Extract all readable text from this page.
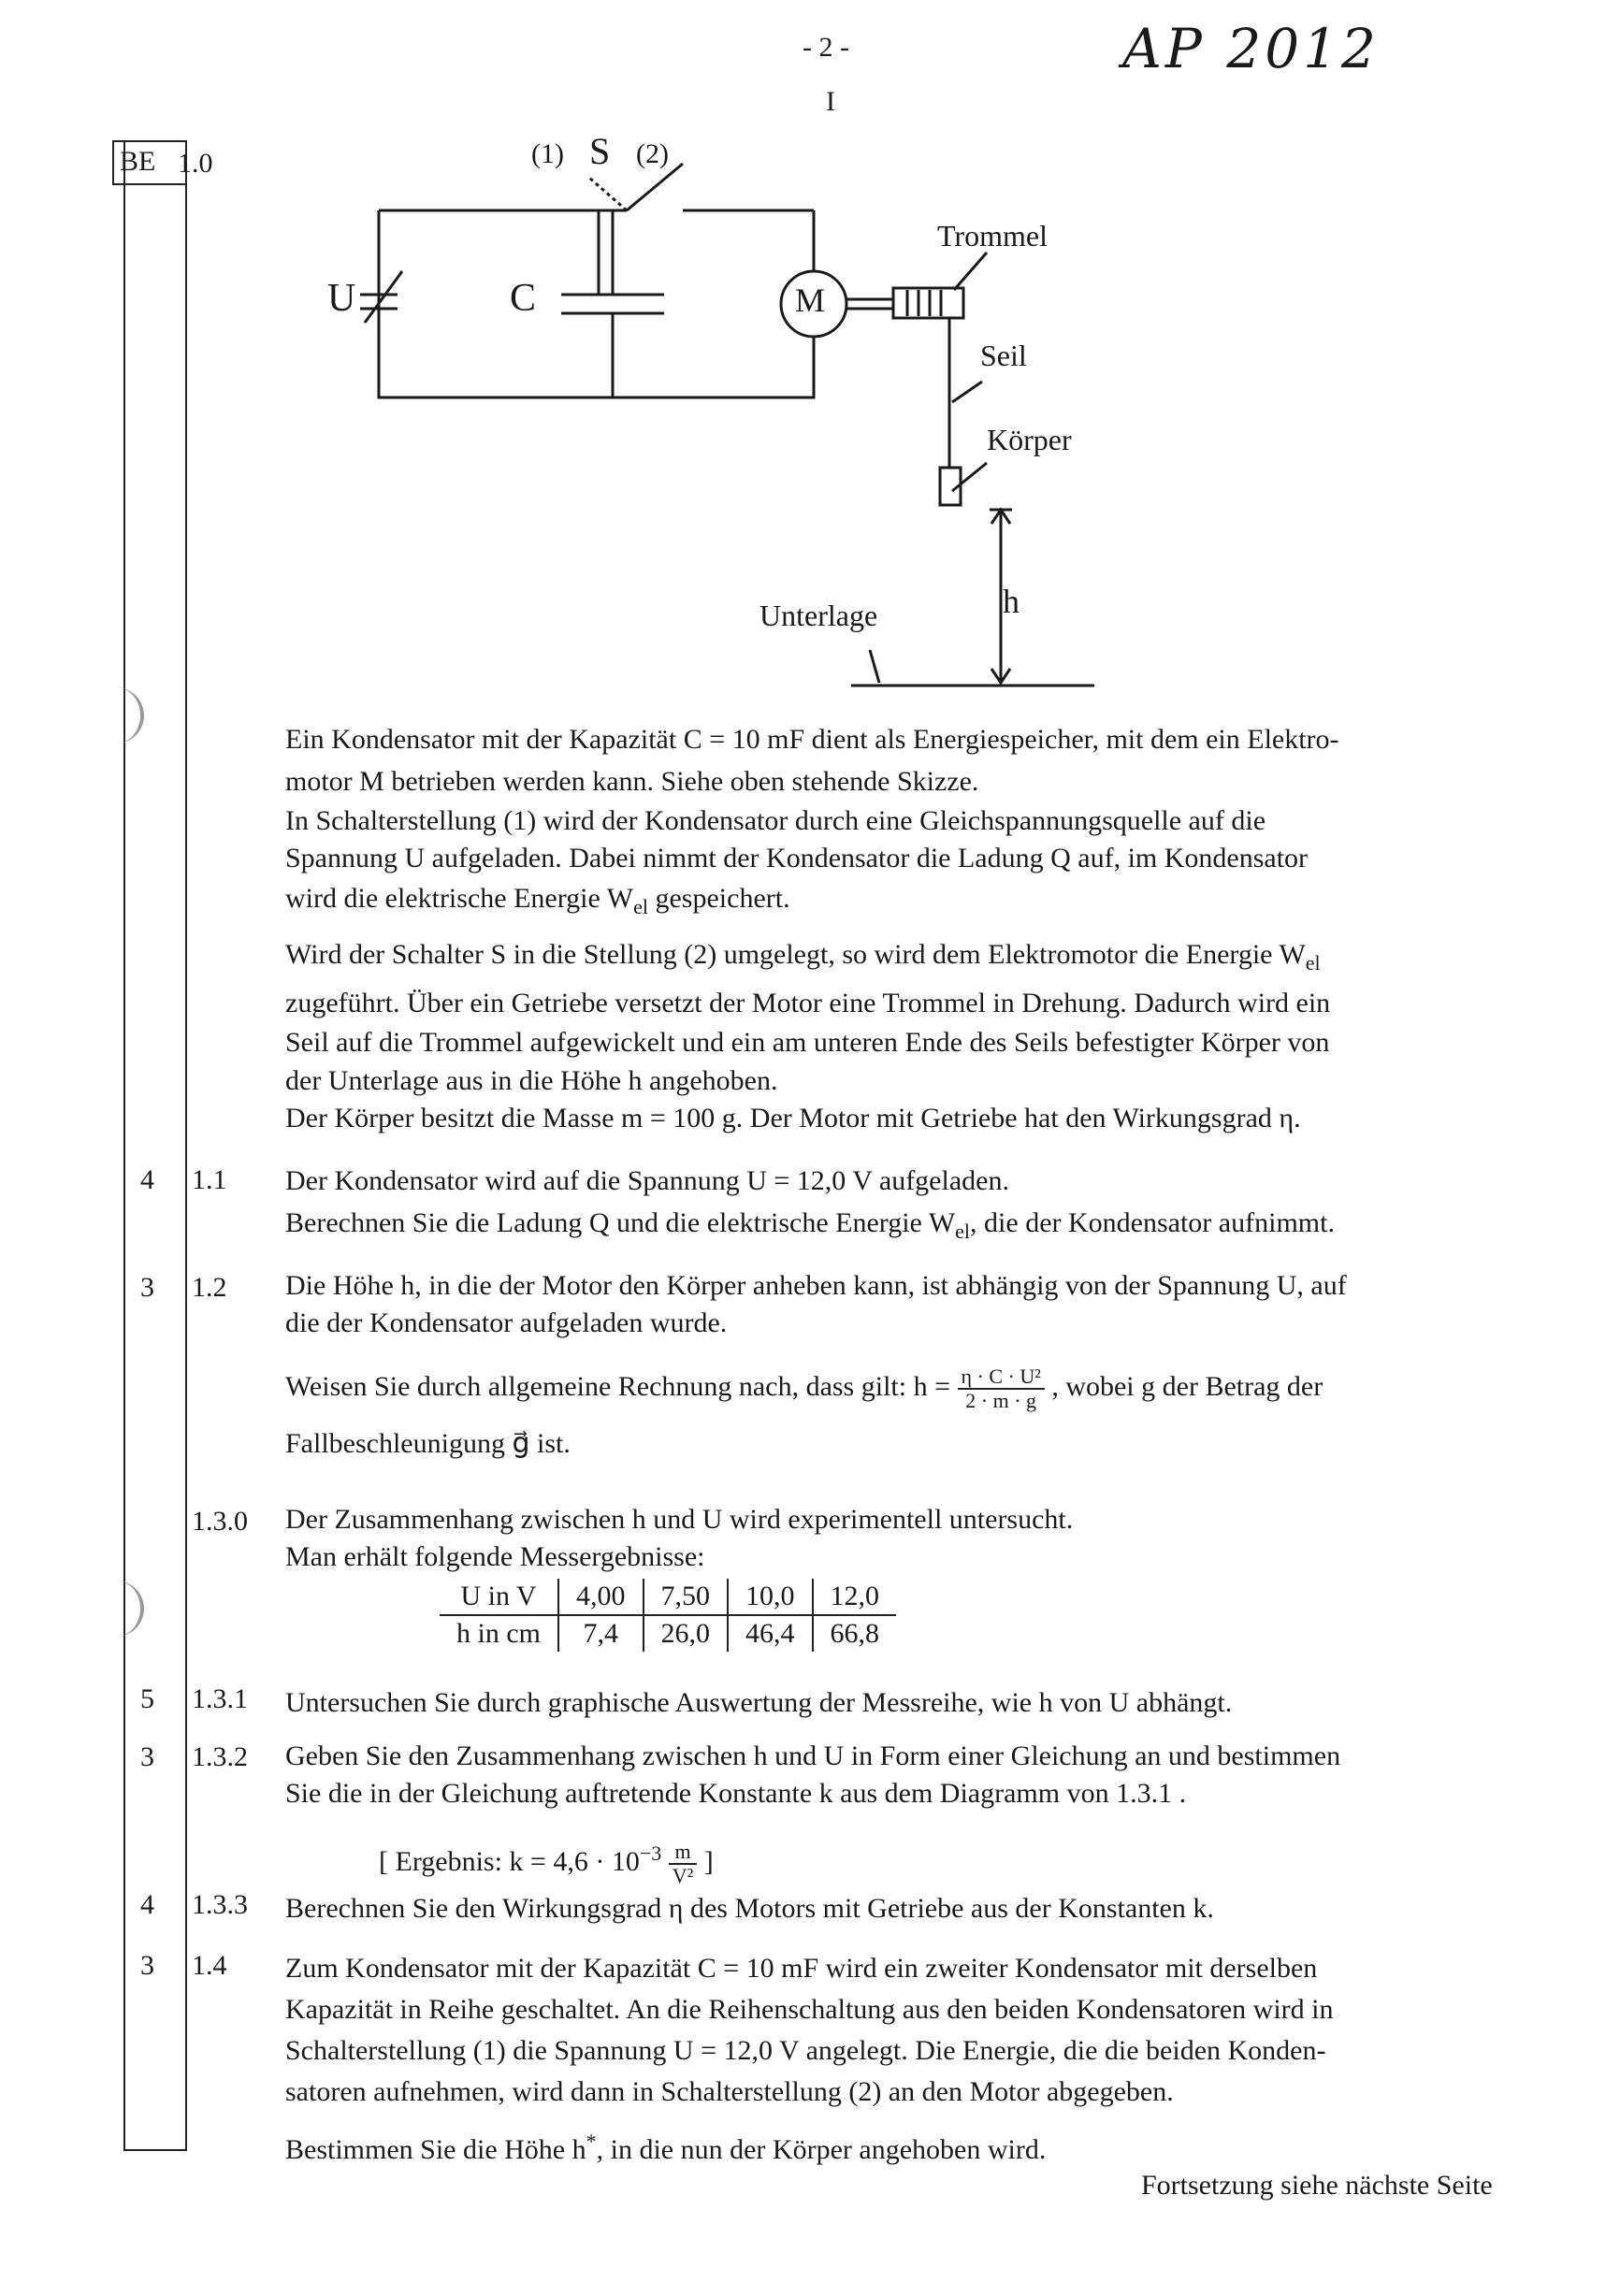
- 2 -
I
AP 2012
BE 1.0
4 1.1
3 1.2
1.3.0
5 1.3.1
3 1.3.2
4 1.3.3
3 1.4
(1) S (2)
U	C	M
Trommel
Seil
Körper
Unterlage	h
Ein Kondensator mit der Kapazität C = 10 mF dient als Energiespeicher, mit dem ein Elektro-
motor M betrieben werden kann. Siehe oben stehende Skizze.
In Schalterstellung (1) wird der Kondensator durch eine Gleichspannungsquelle auf die
Spannung U aufgeladen. Dabei nimmt der Kondensator die Ladung Q auf, im Kondensator
wird die elektrische Energie $W_{el}$ gespeichert.
Wird der Schalter S in die Stellung (2) umgelegt, so wird dem Elektromotor die Energie $W_{el}$
zugeführt. Über ein Getriebe versetzt der Motor eine Trommel in Drehung. Dadurch wird ein
Seil auf die Trommel aufgewickelt und ein am unteren Ende des Seils befestigter Körper von
der Unterlage aus in die Höhe h angehoben.
Der Körper besitzt die Masse m = 100 g. Der Motor mit Getriebe hat den Wirkungsgrad η.
Der Kondensator wird auf die Spannung U = 12,0 V aufgeladen.
Berechnen Sie die Ladung Q und die elektrische Energie $W_{el}$, die der Kondensator aufnimmt.
Die Höhe h, in die der Motor den Körper anheben kann, ist abhängig von der Spannung U, auf
die der Kondensator aufgeladen wurde.
Weisen Sie durch allgemeine Rechnung nach, dass gilt: $h = \frac{\text{η · C · U²}}{2 \cdot m \cdot g}$ , wobei g der Betrag der
Fallbeschleunigung g⃗ ist.
Der Zusammenhang zwischen h und U wird experimentell untersucht.
Man erhält folgende Messergebnisse:
U in V	4,00	7,50	10,0	12,0
h in cm	7,4	26,0	46,4	66,8
Untersuchen Sie durch graphische Auswertung der Messreihe, wie h von U abhängt.
Geben Sie den Zusammenhang zwischen h und U in Form einer Gleichung an und bestimmen
Sie die in der Gleichung auftretende Konstante k aus dem Diagramm von 1.3.1 .
[ Ergebnis: $k = 4,6 \cdot 10^{-3} \frac{m}{\text{V²}}$ ]
Berechnen Sie den Wirkungsgrad η des Motors mit Getriebe aus der Konstanten k.
Zum Kondensator mit der Kapazität C = 10 mF wird ein zweiter Kondensator mit derselben
Kapazität in Reihe geschaltet. An die Reihenschaltung aus den beiden Kondensatoren wird in
Schalterstellung (1) die Spannung U = 12,0 V angelegt. Die Energie, die die beiden Konden-
satoren aufnehmen, wird dann in Schalterstellung (2) an den Motor abgegeben.
Bestimmen Sie die Höhe h*, in die nun der Körper angehoben wird.
Fortsetzung siehe nächste Seite
